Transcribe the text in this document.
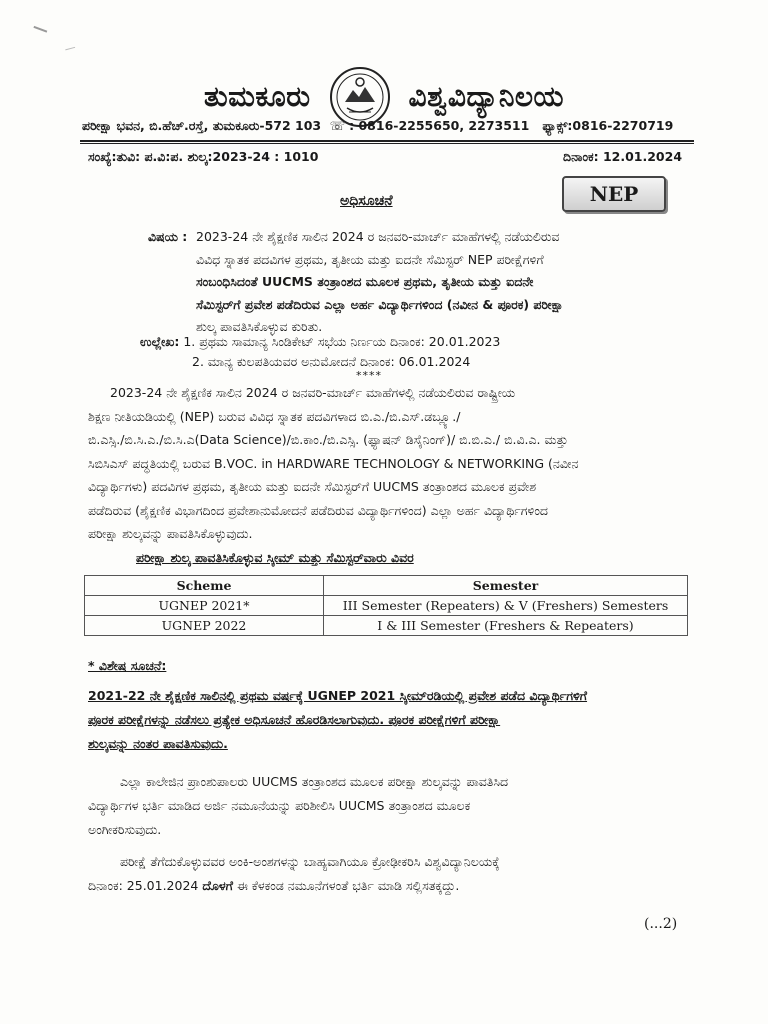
ತುಮಕೂರು	ವಿಶ್ವವಿದ್ಯಾನಿಲಯ
ಪರೀಕ್ಷಾ ಭವನ, ಬಿ.ಹೆಚ್.ರಸ್ತೆ, ತುಮಕೂರು-572 103 ☏ : 0816-2255650, 2273511 ಫ್ಯಾಕ್ಸ್:0816-2270719
ಸಂಖ್ಯೆ:ತುವಿ: ಪ.ವಿ:ಪ. ಶುಲ್ಕ:2023-24 : 1010	ದಿನಾಂಕ: 12.01.2024
ಅಧಿಸೂಚನೆ	NEP
ವಿಷಯ : 2023-24 ನೇ ಶೈಕ್ಷಣಿಕ ಸಾಲಿನ 2024 ರ ಜನವರಿ-ಮಾರ್ಚ್ ಮಾಹೆಗಳಲ್ಲಿ ನಡೆಯಲಿರುವ
ವಿವಿಧ ಸ್ನಾತಕ ಪದವಿಗಳ ಪ್ರಥಮ, ತೃತೀಯ ಮತ್ತು ಐದನೇ ಸೆಮಿಸ್ಟರ್ NEP ಪರೀಕ್ಷೆಗಳಿಗೆ
ಸಂಬಂಧಿಸಿದಂತೆ UUCMS ತಂತ್ರಾಂಶದ ಮೂಲಕ ಪ್ರಥಮ, ತೃತೀಯ ಮತ್ತು ಐದನೇ
ಸೆಮಿಸ್ಟರ್‌ಗೆ ಪ್ರವೇಶ ಪಡೆದಿರುವ ಎಲ್ಲಾ ಅರ್ಹ ವಿದ್ಯಾರ್ಥಿಗಳಿಂದ (ನವೀನ & ಪೂರಕ) ಪರೀಕ್ಷಾ
ಶುಲ್ಕ ಪಾವತಿಸಿಕೊಳ್ಳುವ ಕುರಿತು.
ಉಲ್ಲೇಖ: 1. ಪ್ರಥಮ ಸಾಮಾನ್ಯ ಸಿಂಡಿಕೇಟ್ ಸಭೆಯ ನಿರ್ಣಯ ದಿನಾಂಕ: 20.01.2023
2. ಮಾನ್ಯ ಕುಲಪತಿಯವರ ಅನುಮೋದನೆ ದಿನಾಂಕ: 06.01.2024
****
2023-24 ನೇ ಶೈಕ್ಷಣಿಕ ಸಾಲಿನ 2024 ರ ಜನವರಿ-ಮಾರ್ಚ್ ಮಾಹೆಗಳಲ್ಲಿ ನಡೆಯಲಿರುವ ರಾಷ್ಟ್ರೀಯ
ಶಿಕ್ಷಣ ನೀತಿಯಡಿಯಲ್ಲಿ (NEP) ಬರುವ ವಿವಿಧ ಸ್ನಾತಕ ಪದವಿಗಳಾದ ಬಿ.ಎ./ಬಿ.ಎಸ್.ಡಬ್ಲ್ಯೂ./
ಬಿ.ಎಸ್ಸಿ./ಬಿ.ಸಿ.ಎ./ಬಿ.ಸಿ.ಎ(Data Science)/ಬಿ.ಕಾಂ./ಬಿ.ಎಸ್ಸಿ. (ಫ್ಯಾಷನ್ ಡಿಸೈನಿಂಗ್)/ ಬಿ.ಬಿ.ಎ./ ಬಿ.ವಿ.ಎ. ಮತ್ತು
ಸಿಬಿಸಿಎಸ್ ಪದ್ಧತಿಯಲ್ಲಿ ಬರುವ B.VOC. in HARDWARE TECHNOLOGY & NETWORKING (ನವೀನ
ವಿದ್ಯಾರ್ಥಿಗಳು) ಪದವಿಗಳ ಪ್ರಥಮ, ತೃತೀಯ ಮತ್ತು ಐದನೇ ಸೆಮಿಸ್ಟರ್‌ಗೆ UUCMS ತಂತ್ರಾಂಶದ ಮೂಲಕ ಪ್ರವೇಶ
ಪಡೆದಿರುವ (ಶೈಕ್ಷಣಿಕ ವಿಭಾಗದಿಂದ ಪ್ರವೇಶಾನುಮೋದನೆ ಪಡೆದಿರುವ ವಿದ್ಯಾರ್ಥಿಗಳಿಂದ) ಎಲ್ಲಾ ಅರ್ಹ ವಿದ್ಯಾರ್ಥಿಗಳಿಂದ
ಪರೀಕ್ಷಾ ಶುಲ್ಕವನ್ನು ಪಾವತಿಸಿಕೊಳ್ಳುವುದು.
ಪರೀಕ್ಷಾ ಶುಲ್ಕ ಪಾವತಿಸಿಕೊಳ್ಳುವ ಸ್ಕೀಮ್ ಮತ್ತು ಸೆಮಿಸ್ಟರ್‌ವಾರು ವಿವರ
Scheme	Semester
UGNEP 2021*	III Semester (Repeaters) & V (Freshers) Semesters
UGNEP 2022	I & III Semester (Freshers & Repeaters)
* ವಿಶೇಷ ಸೂಚನೆ:
2021-22 ನೇ ಶೈಕ್ಷಣಿಕ ಸಾಲಿನಲ್ಲಿ ಪ್ರಥಮ ವರ್ಷಕ್ಕೆ UGNEP 2021 ಸ್ಕೀಮ್‌ರಡಿಯಲ್ಲಿ ಪ್ರವೇಶ ಪಡೆದ ವಿದ್ಯಾರ್ಥಿಗಳಿಗೆ
ಪೂರಕ ಪರೀಕ್ಷೆಗಳನ್ನು ನಡೆಸಲು ಪ್ರತ್ಯೇಕ ಅಧಿಸೂಚನೆ ಹೊರಡಿಸಲಾಗುವುದು. ಪೂರಕ ಪರೀಕ್ಷೆಗಳಿಗೆ ಪರೀಕ್ಷಾ
ಶುಲ್ಕವನ್ನು ನಂತರ ಪಾವತಿಸುವುದು.
ಎಲ್ಲಾ ಕಾಲೇಜಿನ ಪ್ರಾಂಶುಪಾಲರು UUCMS ತಂತ್ರಾಂಶದ ಮೂಲಕ ಪರೀಕ್ಷಾ ಶುಲ್ಕವನ್ನು ಪಾವತಿಸಿದ
ವಿದ್ಯಾರ್ಥಿಗಳ ಭರ್ತಿ ಮಾಡಿದ ಅರ್ಜಿ ನಮೂನೆಯನ್ನು ಪರಿಶೀಲಿಸಿ UUCMS ತಂತ್ರಾಂಶದ ಮೂಲಕ
ಅಂಗೀಕರಿಸುವುದು.
ಪರೀಕ್ಷೆ ತೆಗೆದುಕೊಳ್ಳುವವರ ಅಂಕಿ-ಅಂಶಗಳನ್ನು ಬಾಹ್ಯವಾಗಿಯೂ ಕ್ರೋಢೀಕರಿಸಿ ವಿಶ್ವವಿದ್ಯಾನಿಲಯಕ್ಕೆ
ದಿನಾಂಕ: 25.01.2024 ದೊಳಗೆ ಈ ಕೆಳಕಂಡ ನಮೂನೆಗಳಂತೆ ಭರ್ತಿ ಮಾಡಿ ಸಲ್ಲಿಸತಕ್ಕದ್ದು.
(...2)
